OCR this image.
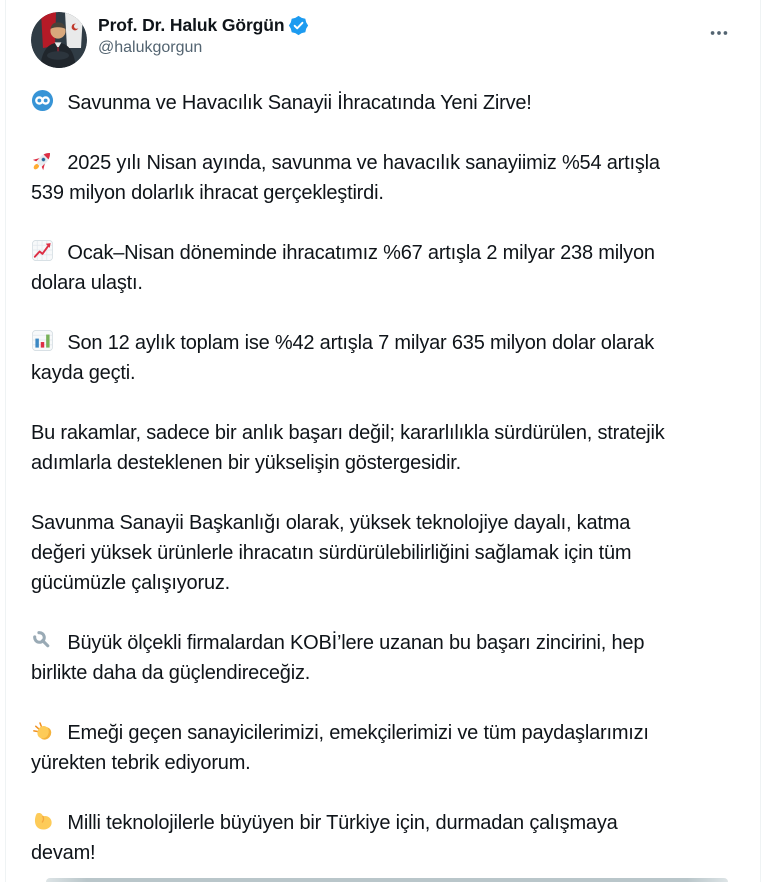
Prof. Dr. Haluk Görgün
@halukgorgun

Savunma ve Havacılık Sanayii İhracatında Yeni Zirve!

2025 yılı Nisan ayında, savunma ve havacılık sanayiimiz %54 artışla
539 milyon dolarlık ihracat gerçekleştirdi.

Ocak–Nisan döneminde ihracatımız %67 artışla 2 milyar 238 milyon
dolara ulaştı.

Son 12 aylık toplam ise %42 artışla 7 milyar 635 milyon dolar olarak
kayda geçti.

Bu rakamlar, sadece bir anlık başarı değil; kararlılıkla sürdürülen, stratejik
adımlarla desteklenen bir yükselişin göstergesidir.

Savunma Sanayii Başkanlığı olarak, yüksek teknolojiye dayalı, katma
değeri yüksek ürünlerle ihracatın sürdürülebilirliğini sağlamak için tüm
gücümüzle çalışıyoruz.

Büyük ölçekli firmalardan KOBİ’lere uzanan bu başarı zincirini, hep
birlikte daha da güçlendireceğiz.

Emeği geçen sanayicilerimizi, emekçilerimizi ve tüm paydaşlarımızı
yürekten tebrik ediyorum.

Milli teknolojilerle büyüyen bir Türkiye için, durmadan çalışmaya
devam!
